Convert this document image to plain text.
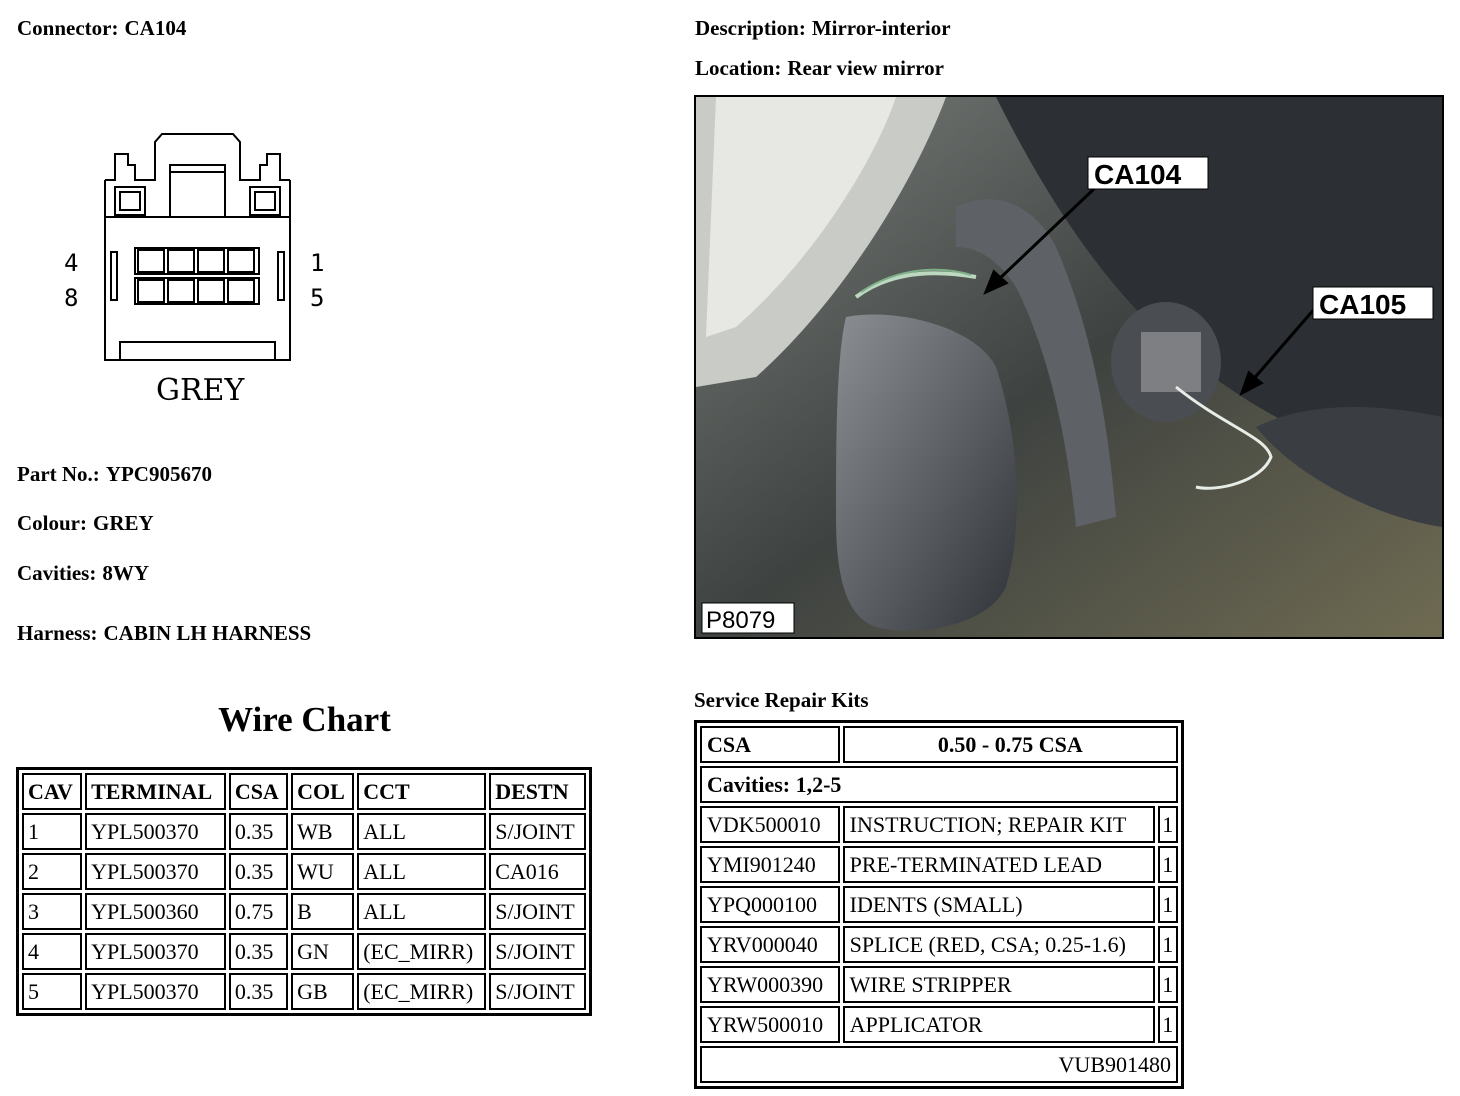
Connector: CA104	Description: Mirror-interior
Location: Rear view mirror
4
8
1
5
GREY
Part No.: YPC905670
Colour: GREY
Cavities: 8WY
Harness: CABIN LH HARNESS
CA104
CA105
P8079
Wire Chart
CAV	TERMINAL	CSA	COL	CCT	DESTN
1	YPL500370	0.35	WB	ALL	S/JOINT
2	YPL500370	0.35	WU	ALL	CA016
3	YPL500360	0.75	B	ALL	S/JOINT
4	YPL500370	0.35	GN	(EC_MIRR)	S/JOINT
5	YPL500370	0.35	GB	(EC_MIRR)	S/JOINT
Service Repair Kits
CSA	0.50 - 0.75 CSA	
Cavities: 1,2-5		
VDK500010	INSTRUCTION; REPAIR KIT	1
YMI901240	PRE-TERMINATED LEAD	1
YPQ000100	IDENTS (SMALL)	1
YRV000040	SPLICE (RED, CSA; 0.25-1.6)	1
YRW000390	WIRE STRIPPER	1
YRW500010	APPLICATOR	1
VUB901480		
